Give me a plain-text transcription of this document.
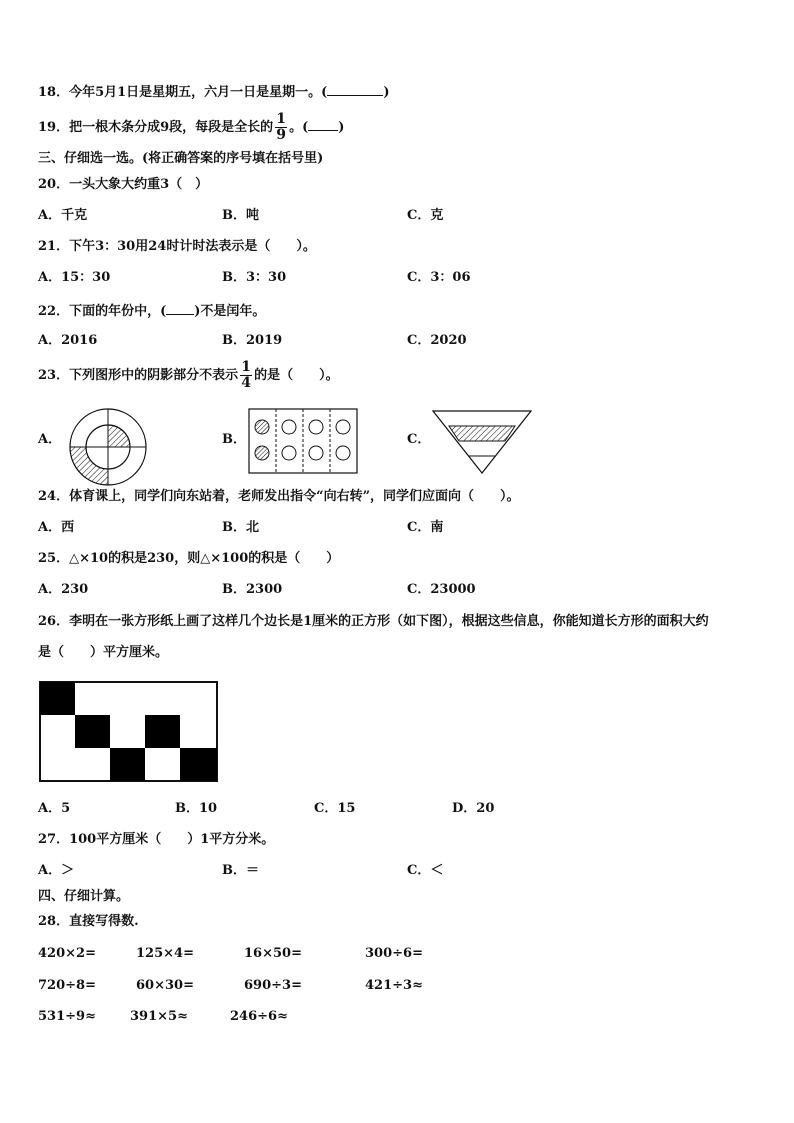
18．今年5月1日是星期五，六月一日是星期一。(	)
19．把一根木条分成9段，每段是全长的 $\frac{1}{9}$ 。( )
三、仔细选一选。(将正确答案的序号填在括号里)
20．一头大象大约重3（　）
A．千克	B．吨	C．克
21．下午3：30用24时计时法表示是（　　）。
A．15：30	B．3：30	C．3：06
22．下面的年份中，( )不是闰年。
A．2016	B．2019	C．2020
23．下列图形中的阴影部分不表示 $\frac{1}{4}$ 的是（　　）。
A．	B．	C．
24．体育课上，同学们向东站着，老师发出指令“向右转”，同学们应面向（　　）。
A．西	B．北	C．南
25．△×10的积是230，则△×100的积是（　　）
A．230	B．2300	C．23000
26．李明在一张方形纸上画了这样几个边长是1厘米的正方形（如下图），根据这些信息，你能知道长方形的面积大约
是（　　）平方厘米。
A．5	B．10	C．15	D．20
27．100平方厘米（　　）1平方分米。
A．＞	B．＝	C．＜
四、仔细计算。
28．直接写得数.
420×2=	125×4=	16×50=	300÷6=
720÷8=	60×30=	690÷3=	421÷3≈
531÷9≈	391×5≈	246÷6≈
